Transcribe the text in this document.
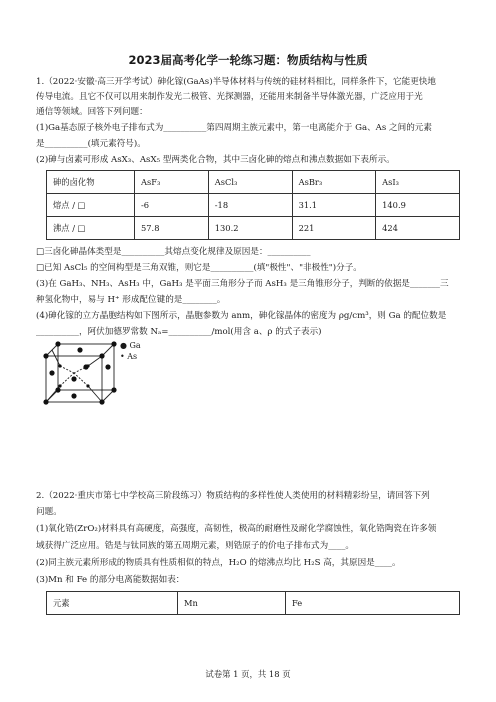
2023届高考化学一轮练习题：物质结构与性质
1.（2022·安徽·高三开学考试）砷化镓(GaAs)半导体材料与传统的硅材料相比，同样条件下，它能更快地
传导电流。且它不仅可以用来制作发光二极管、光探测器，还能用来制备半导体激光器，广泛应用于光
通信等领域。回答下列问题：
(1)Ga基态原子核外电子排布式为__________第四周期主族元素中，第一电离能介于 Ga、As 之间的元素
是__________(填元素符号)。
(2)砷与卤素可形成 AsX₃、AsX₅ 型两类化合物，其中三卤化砷的熔点和沸点数据如下表所示。
砷的卤化物	AsF₃	AsCl₃	AsBr₃	AsI₃
熔点 / □	-6	-18	31.1	140.9
沸点 / □	57.8	130.2	221	424
□三卤化砷晶体类型是__________其熔点变化规律及原因是：__________
□已知 AsCl₅ 的空间构型是三角双锥，则它是__________(填"极性"、"非极性")分子。
(3)在 GaH₃、NH₃、AsH₃ 中，GaH₃ 是平面三角形分子而 AsH₃ 是三角锥形分子，判断的依据是_______三
种氢化物中，易与 H⁺ 形成配位键的是________。
(4)砷化镓的立方晶胞结构如下图所示，晶胞参数为 anm，砷化镓晶体的密度为 ρg/cm³，则 Ga 的配位数是
__________，阿伏加德罗常数 Nₐ=__________/mol(用含 a、ρ 的式子表示)
● Ga
• As
2.（2022·重庆市第七中学校高三阶段练习）物质结构的多样性使人类使用的材料精彩纷呈，请回答下列
问题。
(1)氧化锆(ZrO₂)材料具有高硬度，高强度，高韧性，极高的耐磨性及耐化学腐蚀性，氧化锆陶瓷在许多领
域获得广泛应用。锆是与钛同族的第五周期元素，则锆原子的价电子排布式为____。
(2)同主族元素所形成的物质具有性质相似的特点，H₂O 的熔沸点均比 H₂S 高，其原因是____。
(3)Mn 和 Fe 的部分电离能数据如表：
元素	Mn	Fe
试卷第 1 页，共 18 页
